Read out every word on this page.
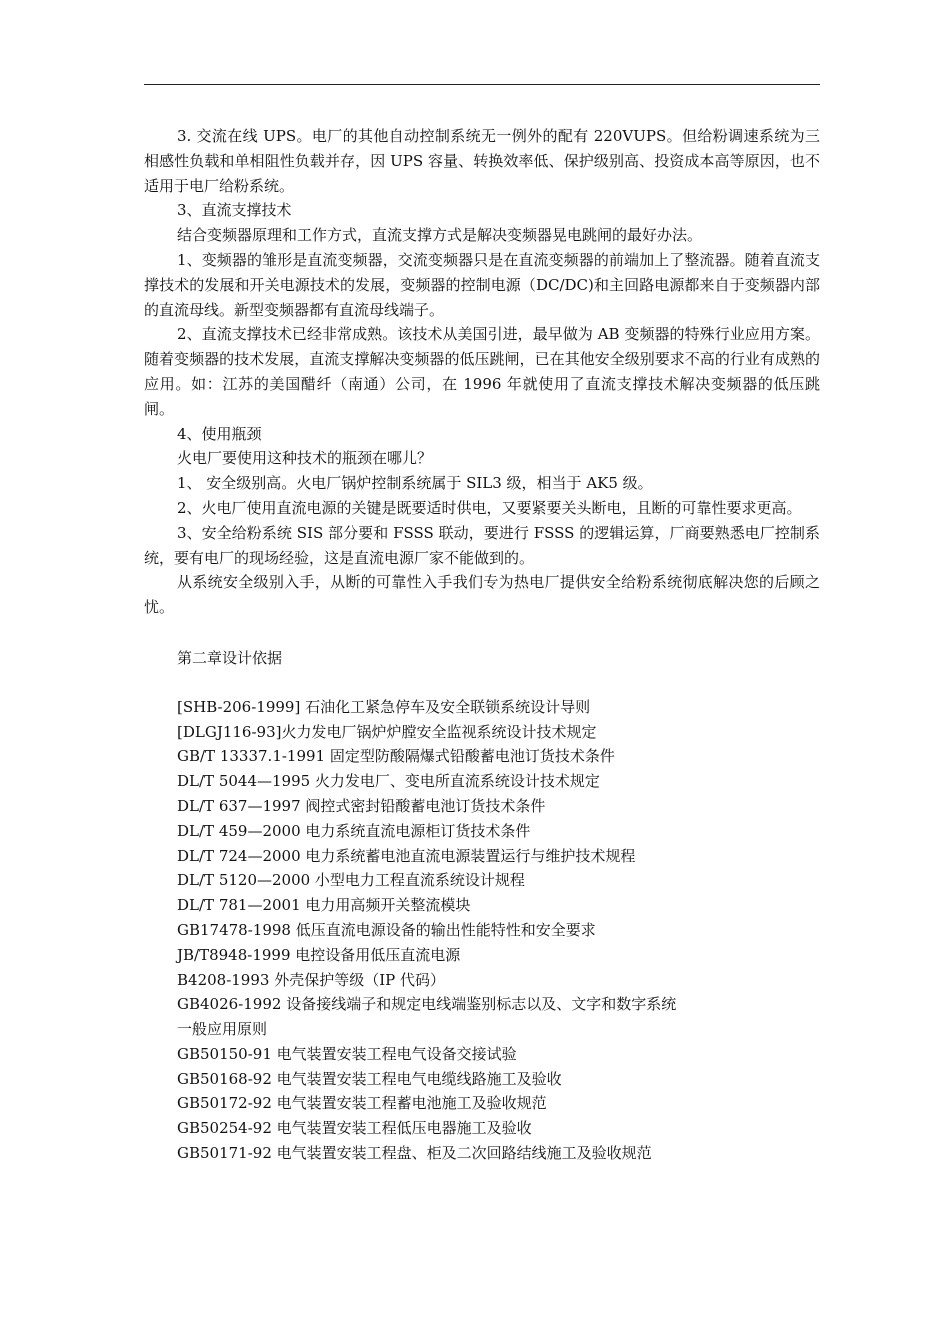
3. 交流在线 UPS。电厂的其他自动控制系统无一例外的配有 220VUPS。但给粉调速系统为三相感性负载和单相阻性负载并存，因 UPS 容量、转换效率低、保护级别高、投资成本高等原因，也不适用于电厂给粉系统。

3、直流支撑技术

结合变频器原理和工作方式，直流支撑方式是解决变频器晃电跳闸的最好办法。

1、变频器的雏形是直流变频器，交流变频器只是在直流变频器的前端加上了整流器。随着直流支撑技术的发展和开关电源技术的发展，变频器的控制电源（DC/DC)和主回路电源都来自于变频器内部的直流母线。新型变频器都有直流母线端子。

2、直流支撑技术已经非常成熟。该技术从美国引进，最早做为 AB 变频器的特殊行业应用方案。随着变频器的技术发展，直流支撑解决变频器的低压跳闸，已在其他安全级别要求不高的行业有成熟的应用。如：江苏的美国醋纤（南通）公司，在 1996 年就使用了直流支撑技术解决变频器的低压跳闸。

4、使用瓶颈

火电厂要使用这种技术的瓶颈在哪儿？

1、 安全级别高。火电厂锅炉控制系统属于 SIL3 级，相当于 AK5 级。

2、火电厂使用直流电源的关键是既要适时供电，又要紧要关头断电，且断的可靠性要求更高。

3、安全给粉系统 SIS 部分要和 FSSS 联动，要进行 FSSS 的逻辑运算，厂商要熟悉电厂控制系统，要有电厂的现场经验，这是直流电源厂家不能做到的。

从系统安全级别入手，从断的可靠性入手我们专为热电厂提供安全给粉系统彻底解决您的后顾之忧。

第二章设计依据

[SHB-206-1999] 石油化工紧急停车及安全联锁系统设计导则

[DLGJ116-93]火力发电厂锅炉炉膛安全监视系统设计技术规定

GB/T 13337.1-1991 固定型防酸隔爆式铅酸蓄电池订货技术条件

DL/T 5044—1995 火力发电厂、变电所直流系统设计技术规定

DL/T 637—1997 阀控式密封铅酸蓄电池订货技术条件

DL/T 459—2000 电力系统直流电源柜订货技术条件

DL/T 724—2000 电力系统蓄电池直流电源装置运行与维护技术规程

DL/T 5120—2000 小型电力工程直流系统设计规程

DL/T 781—2001 电力用高频开关整流模块

GB17478-1998 低压直流电源设备的输出性能特性和安全要求

JB/T8948-1999 电控设备用低压直流电源

B4208-1993 外壳保护等级（IP 代码）

GB4026-1992 设备接线端子和规定电线端鉴别标志以及、文字和数字系统

一般应用原则

GB50150-91 电气装置安装工程电气设备交接试验

GB50168-92 电气装置安装工程电气电缆线路施工及验收

GB50172-92 电气装置安装工程蓄电池施工及验收规范

GB50254-92 电气装置安装工程低压电器施工及验收

GB50171-92 电气装置安装工程盘、柜及二次回路结线施工及验收规范
